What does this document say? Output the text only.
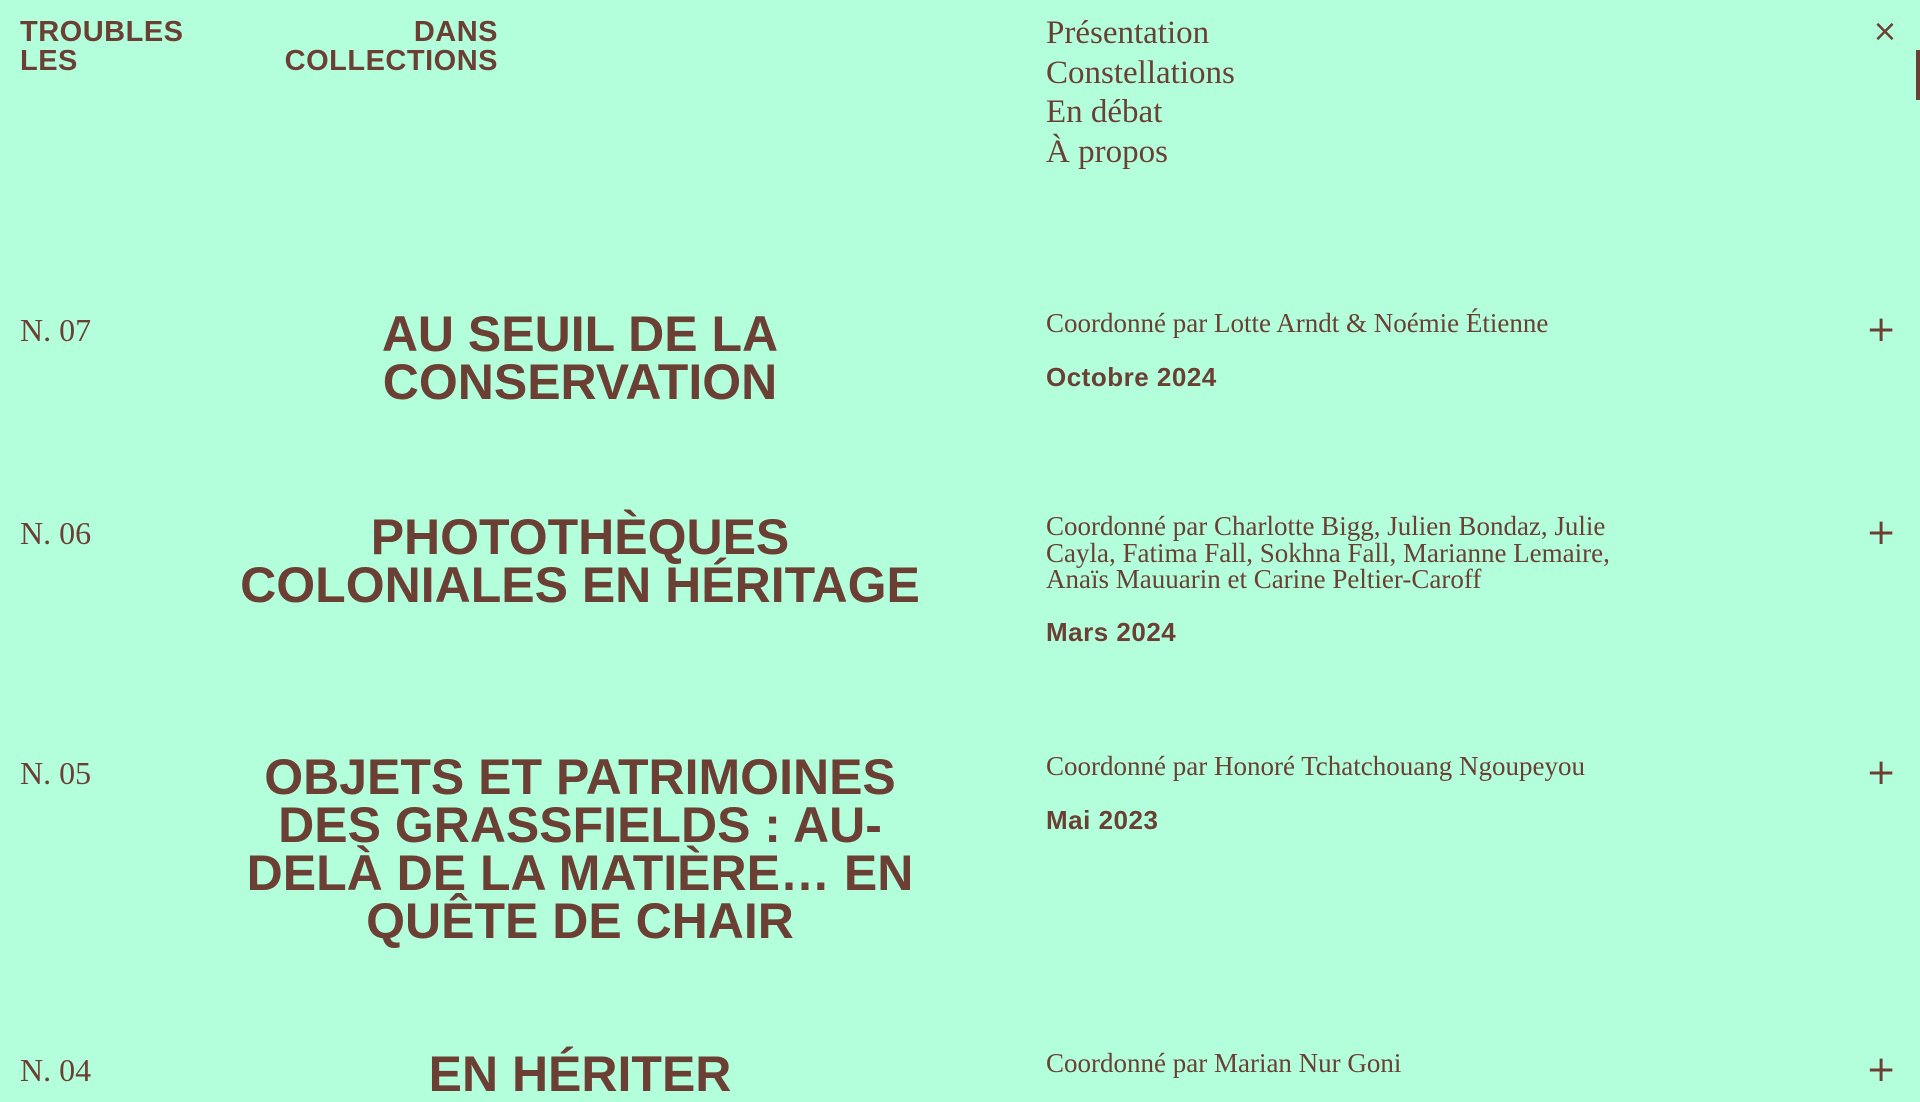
TROUBLES	DANS
LES	COLLECTIONS
Présentation
Constellations
En débat
À propos
×
N. 07	AU SEUIL DE LA CONSERVATION
Coordonné par Lotte Arndt & Noémie Étienne
Octobre 2024
+
N. 06	PHOTOTHÈQUES COLONIALES EN HÉRITAGE
Coordonné par Charlotte Bigg, Julien Bondaz, Julie Cayla, Fatima Fall, Sokhna Fall, Marianne Lemaire, Anaïs Mauuarin et Carine Peltier-Caroff
Mars 2024
+
N. 05	OBJETS ET PATRIMOINES DES GRASSFIELDS : AU-DELÀ DE LA MATIÈRE… EN QUÊTE DE CHAIR
Coordonné par Honoré Tchatchouang Ngoupeyou
Mai 2023
+
N. 04	EN HÉRITER	Coordonné par Marian Nur Goni	+
